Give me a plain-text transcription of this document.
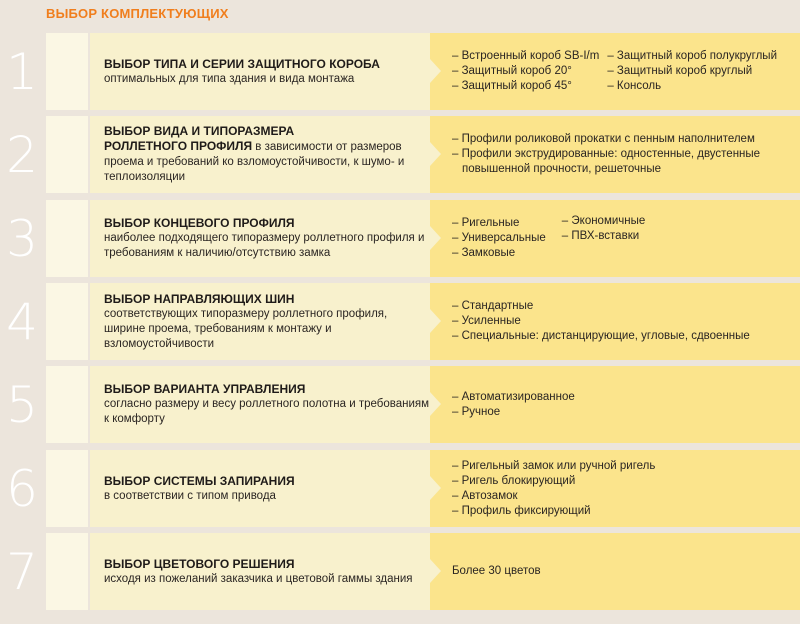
ВЫБОР КОМПЛЕКТУЮЩИХ
1	ВЫБОР ТИПА И СЕРИИ ЗАЩИТНОГО КОРОБА
оптимальных для типа здания и вида монтажа
– Встроенный короб SB-I/m
– Защитный короб 20°
– Защитный короб 45°
– Защитный короб полукруглый
– Защитный короб круглый
– Консоль
2	ВЫБОР ВИДА И ТИПОРАЗМЕРА
РОЛЛЕТНОГО ПРОФИЛЯ в зависимости от размеров
проема и требований ко взломоустойчивости, к шумо- и теплоизоляции
– Профили роликовой прокатки с пенным наполнителем
– Профили экструдированные: одностенные, двустенные повышенной прочности, решеточные
3	ВЫБОР КОНЦЕВОГО ПРОФИЛЯ
наиболее подходящего типоразмеру роллетного профиля и требованиям к наличию/отсутствию замка
– Ригельные
– Универсальные
– Замковые
– Экономичные
– ПВХ-вставки
4	ВЫБОР НАПРАВЛЯЮЩИХ ШИН
соответствующих типоразмеру роллетного профиля, ширине проема, требованиям к монтажу и взломоустойчивости
– Стандартные
– Усиленные
– Специальные: дистанцирующие, угловые, сдвоенные
5	ВЫБОР ВАРИАНТА УПРАВЛЕНИЯ
согласно размеру и весу роллетного полотна и требованиям к комфорту
– Автоматизированное
– Ручное
6	ВЫБОР СИСТЕМЫ ЗАПИРАНИЯ
в соответствии с типом привода
– Ригельный замок или ручной ригель
– Ригель блокирующий
– Автозамок
– Профиль фиксирующий
7	ВЫБОР ЦВЕТОВОГО РЕШЕНИЯ
исходя из пожеланий заказчика и цветовой гаммы здания
Более 30 цветов
